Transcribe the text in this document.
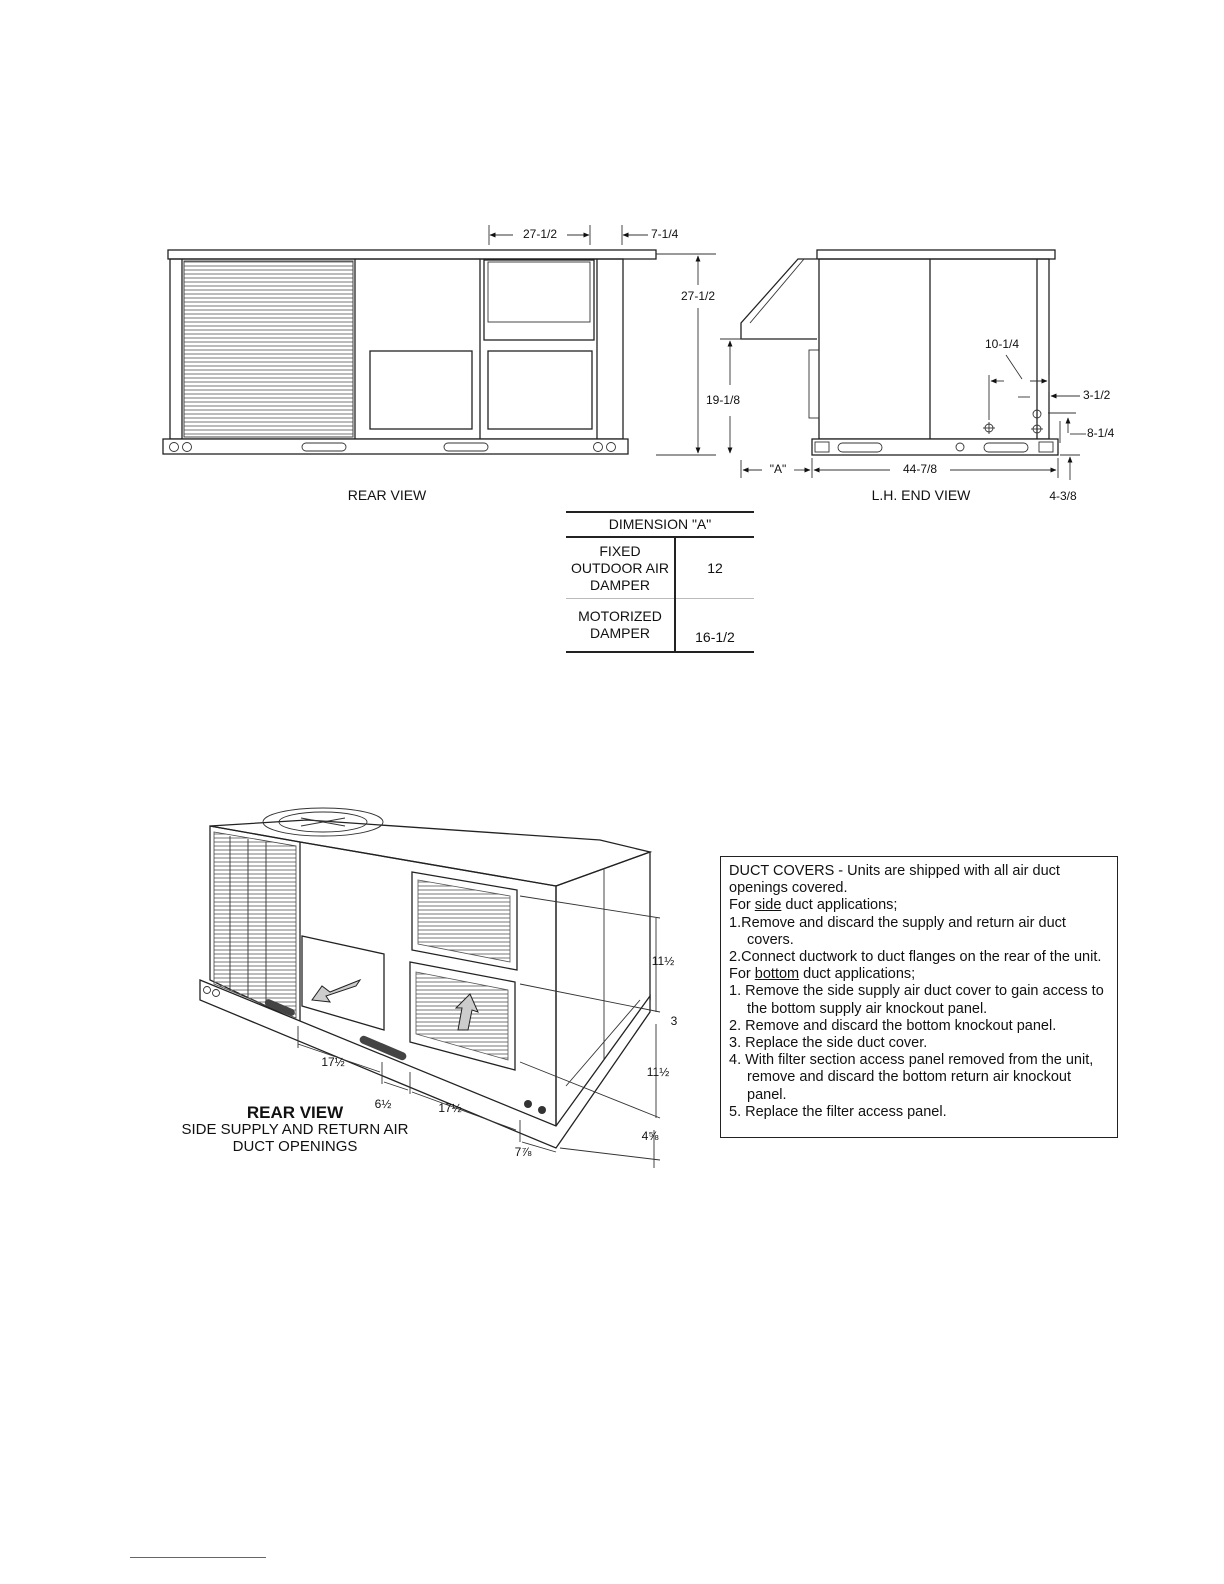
27-1/2	7-1/4
REAR VIEW
27-1/2
19-1/8
"A"	44-7/8
10-1/4
3-1/2
8-1/4
4-3/8
L.H. END VIEW
11½
3
11½
4⅝
17½
6½	17½
7⅞
DIMENSION "A"	
FIXED OUTDOOR AIR DAMPER	12
MOTORIZED DAMPER	16-1/2
REAR VIEW
SIDE SUPPLY AND RETURN AIR
DUCT OPENINGS

DUCT COVERS - Units are shipped with all air duct openings covered.

For side duct applications;

1.Remove and discard the supply and return air duct covers.

2.Connect ductwork to duct flanges on the rear of the unit.

For bottom duct applications;

1. Remove the side supply air duct cover to gain access to the bottom supply air knockout panel.

2. Remove and discard the bottom knockout panel.

3. Replace the side duct cover.

4. With filter section access panel removed from the unit, remove and discard the bottom return air knockout panel.

5. Replace the filter access panel.
